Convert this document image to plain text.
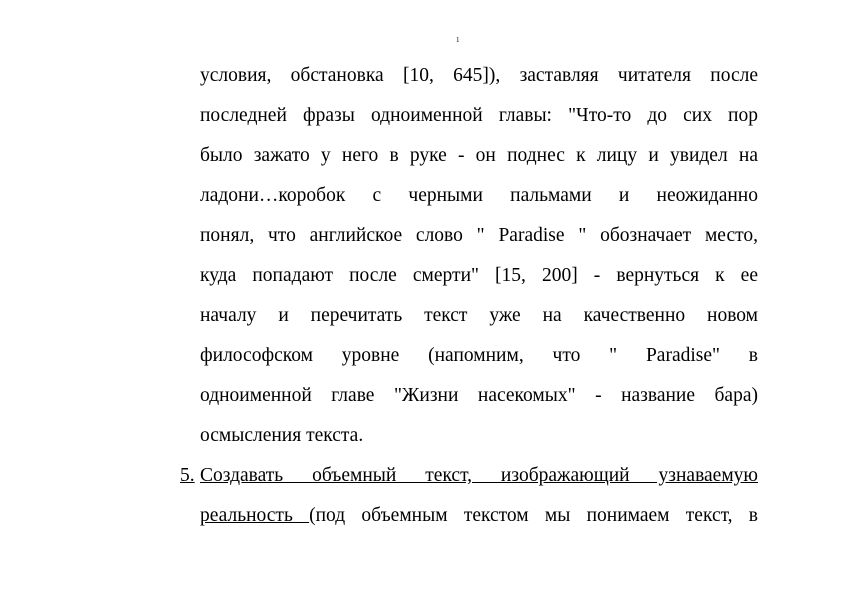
1
условия, обстановка [10, 645]), заставляя читателя после
последней фразы одноименной главы: "Что-то до сих пор
было зажато у него в руке - он поднес к лицу и увидел на
ладони…коробок с черными пальмами и неожиданно
понял, что английское слово " Paradise " обозначает место,
куда попадают после смерти" [15, 200] - вернуться к ее
началу и перечитать текст уже на качественно новом
философском уровне (напомним, что " Paradise" в
одноименной главе "Жизни насекомых" - название бара)
осмысления текста.
5. Создавать объемный текст, изображающий узнаваемую
реальность (под объемным текстом мы понимаем текст, в
